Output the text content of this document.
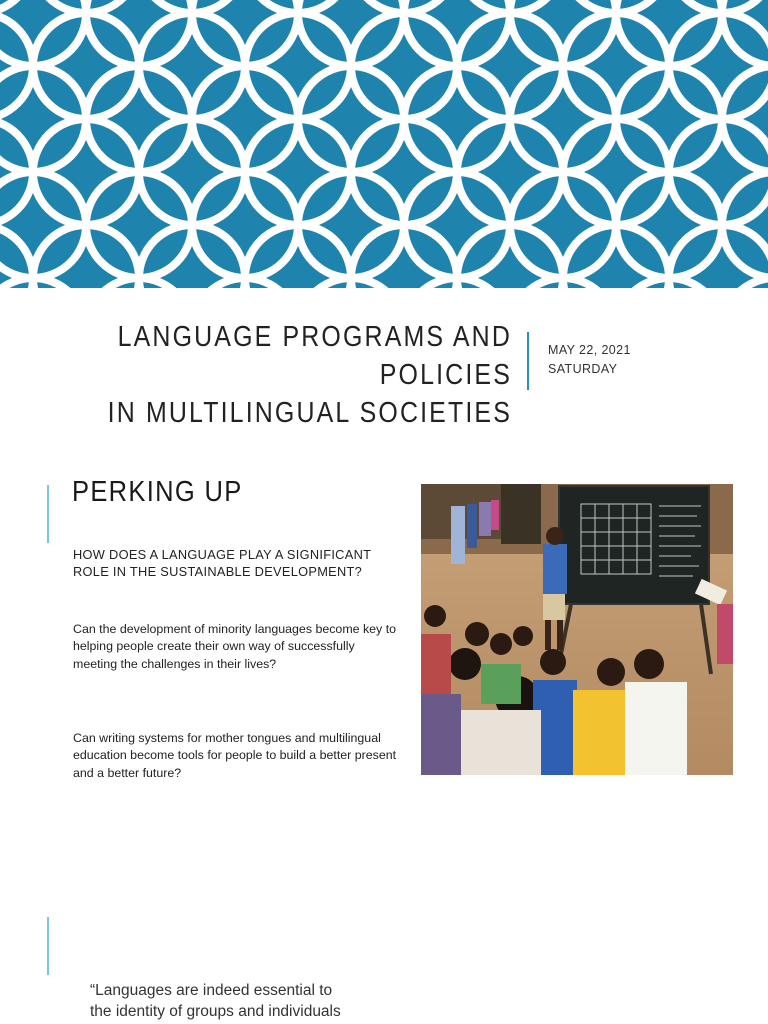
LANGUAGE PROGRAMS AND POLICIES
IN MULTILINGUAL SOCIETIES
MAY 22, 2021
SATURDAY
PERKING UP
HOW DOES A LANGUAGE PLAY A SIGNIFICANT ROLE IN THE SUSTAINABLE DEVELOPMENT?
Can the development of minority languages become key to helping people create their own way of successfully meeting the challenges in their lives?
Can writing systems for mother tongues and multilingual education become tools for people to build a better present and a better future?
“Languages are indeed essential to
the identity of groups and individuals
